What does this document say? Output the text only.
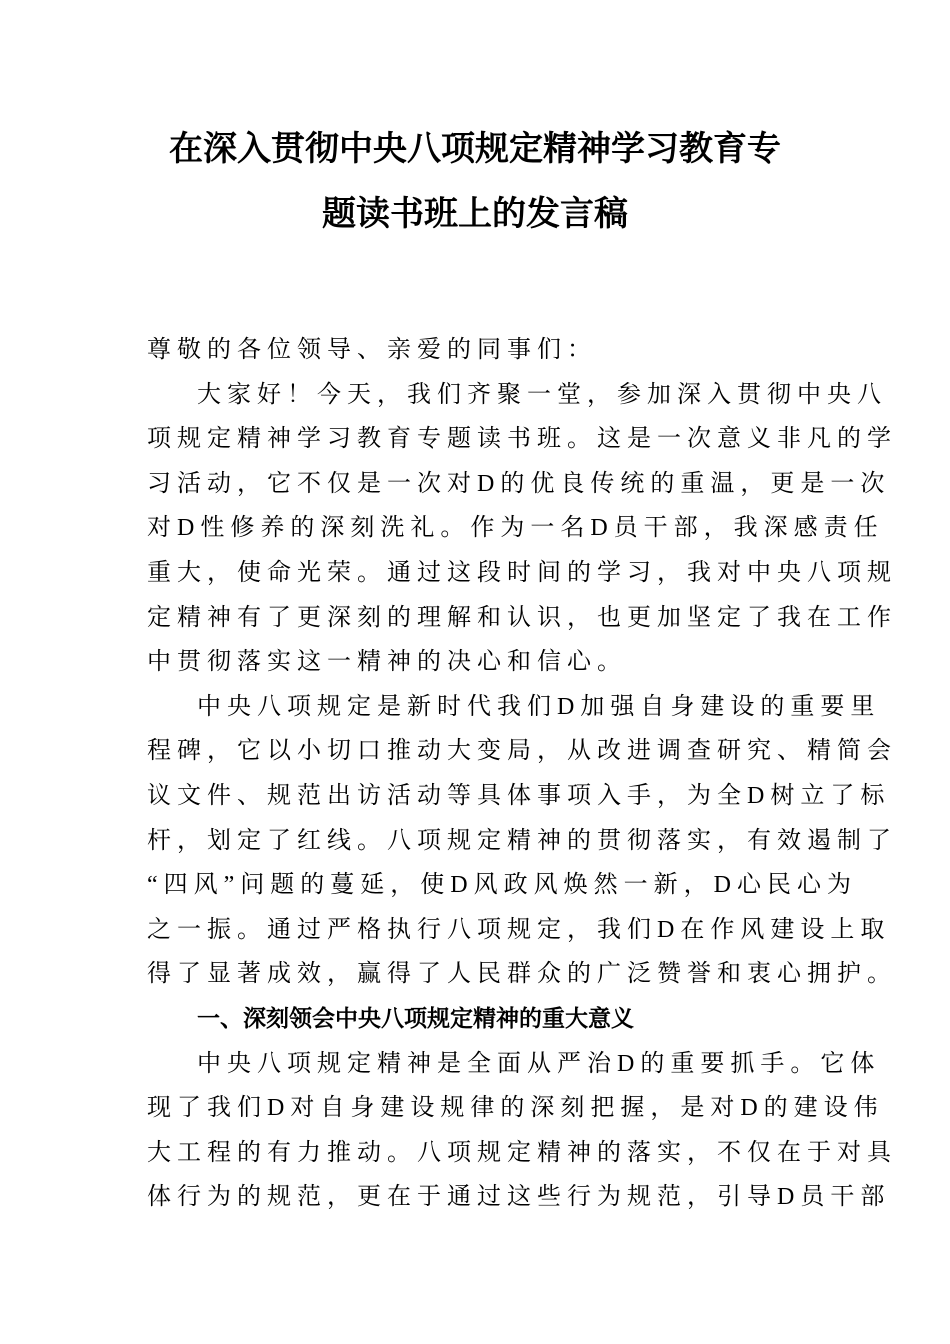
在深入贯彻中央八项规定精神学习教育专
题读书班上的发言稿
尊敬的各位领导、亲爱的同事们：
大家好！今天，我们齐聚一堂，参加深入贯彻中央八
项规定精神学习教育专题读书班。这是一次意义非凡的学
习活动，它不仅是一次对D的优良传统的重温，更是一次
对D性修养的深刻洗礼。作为一名D员干部，我深感责任
重大，使命光荣。通过这段时间的学习，我对中央八项规
定精神有了更深刻的理解和认识，也更加坚定了我在工作
中贯彻落实这一精神的决心和信心。
中央八项规定是新时代我们D加强自身建设的重要里
程碑，它以小切口推动大变局，从改进调查研究、精简会
议文件、规范出访活动等具体事项入手，为全D树立了标
杆，划定了红线。八项规定精神的贯彻落实，有效遏制了
“四风”问题的蔓延，使D风政风焕然一新，D心民心为
之一振。通过严格执行八项规定，我们D在作风建设上取
得了显著成效，赢得了人民群众的广泛赞誉和衷心拥护。
一、深刻领会中央八项规定精神的重大意义
中央八项规定精神是全面从严治D的重要抓手。它体
现了我们D对自身建设规律的深刻把握，是对D的建设伟
大工程的有力推动。八项规定精神的落实，不仅在于对具
体行为的规范，更在于通过这些行为规范，引导D员干部
